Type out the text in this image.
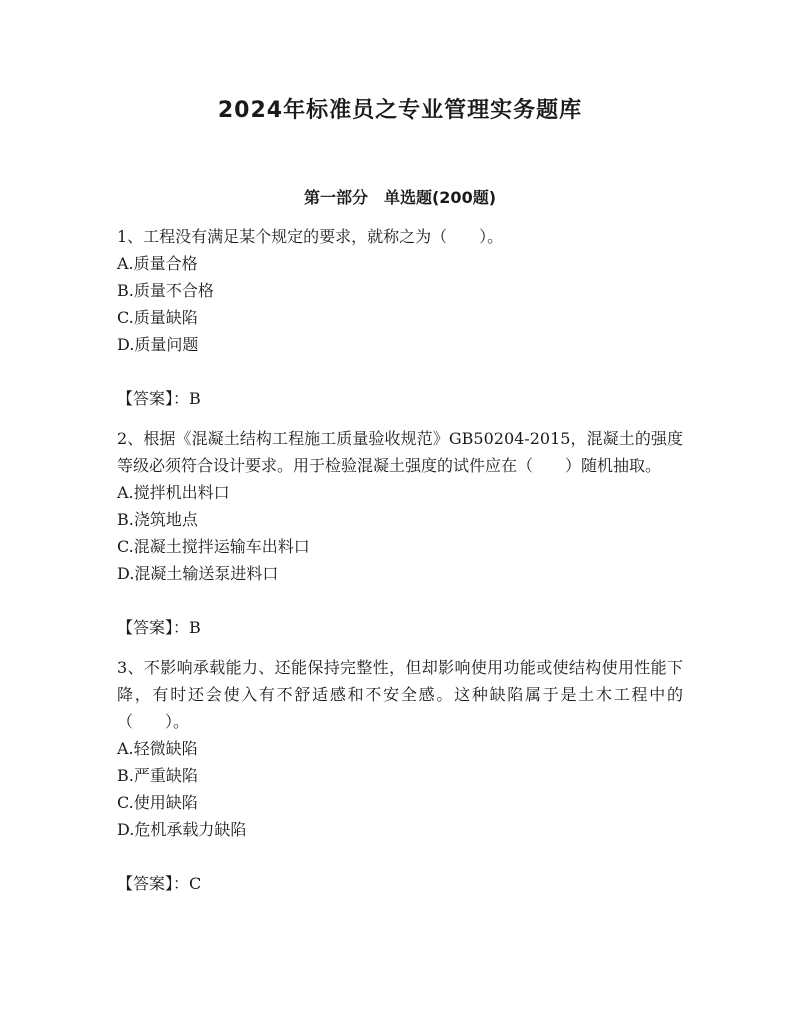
2024年标准员之专业管理实务题库
第一部分　单选题(200题)

1、工程没有满足某个规定的要求，就称之为（　　）。

A.质量合格

B.质量不合格

C.质量缺陷

D.质量问题

【答案】：B

2、根据《混凝土结构工程施工质量验收规范》GB50204-2015，混凝土的强度等级必须符合设计要求。用于检验混凝土强度的试件应在（　　）随机抽取。

A.搅拌机出料口

B.浇筑地点

C.混凝土搅拌运输车出料口

D.混凝土输送泵进料口

【答案】：B

3、不影响承载能力、还能保持完整性，但却影响使用功能或使结构使用性能下降，有时还会使入有不舒适感和不安全感。这种缺陷属于是土木工程中的（　　）。

A.轻微缺陷

B.严重缺陷

C.使用缺陷

D.危机承载力缺陷

【答案】：C
